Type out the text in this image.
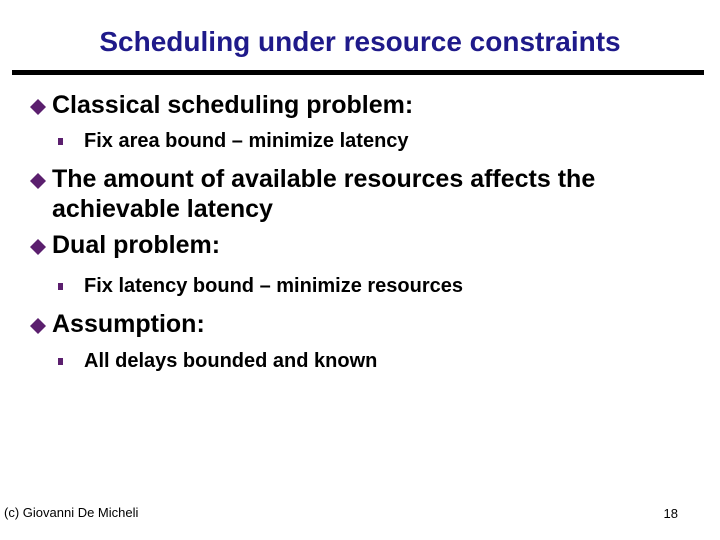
Scheduling under resource constraints
Classical scheduling problem:
Fix area bound – minimize latency
The amount of available resources affects the achievable latency
Dual problem:
Fix latency bound – minimize resources
Assumption:
All delays bounded and known
(c) Giovanni De Micheli	18
